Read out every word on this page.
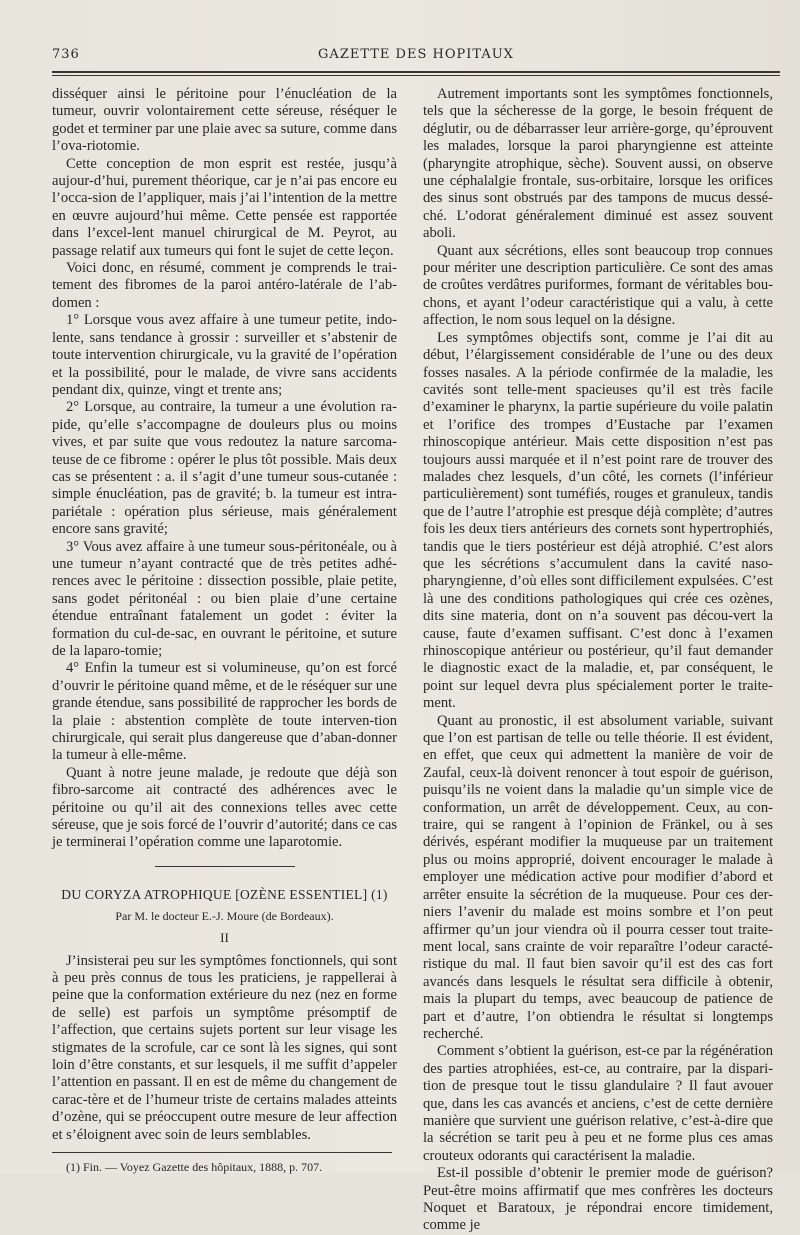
736	GAZETTE DES HOPITAUX

disséquer ainsi le péritoine pour l’énucléation de la tumeur, ouvrir volontairement cette séreuse, réséquer le godet et terminer par une plaie avec sa suture, comme dans l’ova-riotomie.

Cette conception de mon esprit est restée, jusqu’à aujour-d’hui, purement théorique, car je n’ai pas encore eu l’occa-sion de l’appliquer, mais j’ai l’intention de la mettre en œuvre aujourd’hui même. Cette pensée est rapportée dans l’excel-lent manuel chirurgical de M. Peyrot, au passage relatif aux tumeurs qui font le sujet de cette leçon.

Voici donc, en résumé, comment je comprends le trai-tement des fibromes de la paroi antéro-latérale de l’ab-domen :

1° Lorsque vous avez affaire à une tumeur petite, indo-lente, sans tendance à grossir : surveiller et s’abstenir de toute intervention chirurgicale, vu la gravité de l’opération et la possibilité, pour le malade, de vivre sans accidents pendant dix, quinze, vingt et trente ans;

2° Lorsque, au contraire, la tumeur a une évolution ra-pide, qu’elle s’accompagne de douleurs plus ou moins vives, et par suite que vous redoutez la nature sarcoma-teuse de ce fibrome : opérer le plus tôt possible. Mais deux cas se présentent : a. il s’agit d’une tumeur sous-cutanée : simple énucléation, pas de gravité; b. la tumeur est intra-pariétale : opération plus sérieuse, mais généralement encore sans gravité;

3° Vous avez affaire à une tumeur sous-péritonéale, ou à une tumeur n’ayant contracté que de très petites adhé-rences avec le péritoine : dissection possible, plaie petite, sans godet péritonéal : ou bien plaie d’une certaine étendue entraînant fatalement un godet : éviter la formation du cul-de-sac, en ouvrant le péritoine, et suture de la laparo-tomie;

4° Enfin la tumeur est si volumineuse, qu’on est forcé d’ouvrir le péritoine quand même, et de le réséquer sur une grande étendue, sans possibilité de rapprocher les bords de la plaie : abstention complète de toute interven-tion chirurgicale, qui serait plus dangereuse que d’aban-donner la tumeur à elle-même.

Quant à notre jeune malade, je redoute que déjà son fibro-sarcome ait contracté des adhérences avec le péritoine ou qu’il ait des connexions telles avec cette séreuse, que je sois forcé de l’ouvrir d’autorité; dans ce cas je terminerai l’opération comme une laparotomie.

DU CORYZA ATROPHIQUE [OZÈNE ESSENTIEL] (1)
Par M. le docteur E.-J. Moure (de Bordeaux).
II

J’insisterai peu sur les symptômes fonctionnels, qui sont à peu près connus de tous les praticiens, je rappellerai à peine que la conformation extérieure du nez (nez en forme de selle) est parfois un symptôme présomptif de l’affection, que certains sujets portent sur leur visage les stigmates de la scrofule, car ce sont là les signes, qui sont loin d’être constants, et sur lesquels, il me suffit d’appeler l’attention en passant. Il en est de même du changement de carac-tère et de l’humeur triste de certains malades atteints d’ozène, qui se préoccupent outre mesure de leur affection et s’éloignent avec soin de leurs semblables.

(1) Fin. — Voyez Gazette des hôpitaux, 1888, p. 707.

Autrement importants sont les symptômes fonctionnels, tels que la sécheresse de la gorge, le besoin fréquent de déglutir, ou de débarrasser leur arrière-gorge, qu’éprouvent les malades, lorsque la paroi pharyngienne est atteinte (pharyngite atrophique, sèche). Souvent aussi, on observe une céphalalgie frontale, sus-orbitaire, lorsque les orifices des sinus sont obstrués par des tampons de mucus dessé-ché. L’odorat généralement diminué est assez souvent aboli.

Quant aux sécrétions, elles sont beaucoup trop connues pour mériter une description particulière. Ce sont des amas de croûtes verdâtres puriformes, formant de véritables bou-chons, et ayant l’odeur caractéristique qui a valu, à cette affection, le nom sous lequel on la désigne.

Les symptômes objectifs sont, comme je l’ai dit au début, l’élargissement considérable de l’une ou des deux fosses nasales. A la période confirmée de la maladie, les cavités sont telle-ment spacieuses qu’il est très facile d’examiner le pharynx, la partie supérieure du voile palatin et l’orifice des trompes d’Eustache par l’examen rhinoscopique antérieur. Mais cette disposition n’est pas toujours aussi marquée et il n’est point rare de trouver des malades chez lesquels, d’un côté, les cornets (l’inférieur particulièrement) sont tuméfiés, rouges et granuleux, tandis que de l’autre l’atrophie est presque déjà complète; d’autres fois les deux tiers antérieurs des cornets sont hypertrophiés, tandis que le tiers postérieur est déjà atrophié. C’est alors que les sécrétions s’accumulent dans la cavité naso-pharyngienne, d’où elles sont difficilement expulsées. C’est là une des conditions pathologiques qui crée ces ozènes, dits sine materia, dont on n’a souvent pas décou-vert la cause, faute d’examen suffisant. C’est donc à l’examen rhinoscopique antérieur ou postérieur, qu’il faut demander le diagnostic exact de la maladie, et, par conséquent, le point sur lequel devra plus spécialement porter le traite-ment.

Quant au pronostic, il est absolument variable, suivant que l’on est partisan de telle ou telle théorie. Il est évident, en effet, que ceux qui admettent la manière de voir de Zaufal, ceux-là doivent renoncer à tout espoir de guérison, puisqu’ils ne voient dans la maladie qu’un simple vice de conformation, un arrêt de développement. Ceux, au con-traire, qui se rangent à l’opinion de Fränkel, ou à ses dérivés, espérant modifier la muqueuse par un traitement plus ou moins approprié, doivent encourager le malade à employer une médication active pour modifier d’abord et arrêter ensuite la sécrétion de la muqueuse. Pour ces der-niers l’avenir du malade est moins sombre et l’on peut affirmer qu’un jour viendra où il pourra cesser tout traite-ment local, sans crainte de voir reparaître l’odeur caracté-ristique du mal. Il faut bien savoir qu’il est des cas fort avancés dans lesquels le résultat sera difficile à obtenir, mais la plupart du temps, avec beaucoup de patience de part et d’autre, l’on obtiendra le résultat si longtemps recherché.

Comment s’obtient la guérison, est-ce par la régénération des parties atrophiées, est-ce, au contraire, par la dispari-tion de presque tout le tissu glandulaire ? Il faut avouer que, dans les cas avancés et anciens, c’est de cette dernière manière que survient une guérison relative, c’est-à-dire que la sécrétion se tarit peu à peu et ne forme plus ces amas crouteux odorants qui caractérisent la maladie.

Est-il possible d’obtenir le premier mode de guérison? Peut-être moins affirmatif que mes confrères les docteurs Noquet et Baratoux, je répondrai encore timidement, comme je
